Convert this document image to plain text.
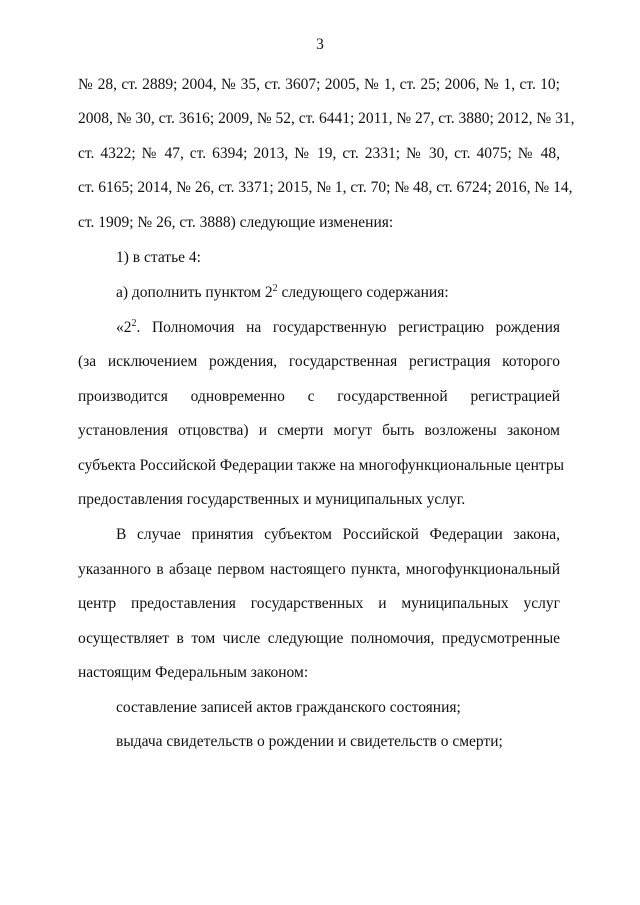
3
№ 28, ст. 2889; 2004, № 35, ст. 3607; 2005, № 1, ст. 25; 2006, № 1, ст. 10;
2008, № 30, ст. 3616; 2009, № 52, ст. 6441; 2011, № 27, ст. 3880; 2012, № 31,
ст. 4322; № 47, ст. 6394; 2013, № 19, ст. 2331; № 30, ст. 4075; № 48,
ст. 6165; 2014, № 26, ст. 3371; 2015, № 1, ст. 70; № 48, ст. 6724; 2016, № 14,
ст. 1909; № 26, ст. 3888) следующие изменения:
1) в статье 4:
а) дополнить пунктом $2^2$ следующего содержания:
«$2^2$. Полномочия на государственную регистрацию рождения
(за исключением рождения, государственная регистрация которого
производится одновременно с государственной регистрацией
установления отцовства) и смерти могут быть возложены законом
субъекта Российской Федерации также на многофункциональные центры
предоставления государственных и муниципальных услуг.
В случае принятия субъектом Российской Федерации закона,
указанного в абзаце первом настоящего пункта, многофункциональный
центр предоставления государственных и муниципальных услуг
осуществляет в том числе следующие полномочия, предусмотренные
настоящим Федеральным законом:
составление записей актов гражданского состояния;
выдача свидетельств о рождении и свидетельств о смерти;
